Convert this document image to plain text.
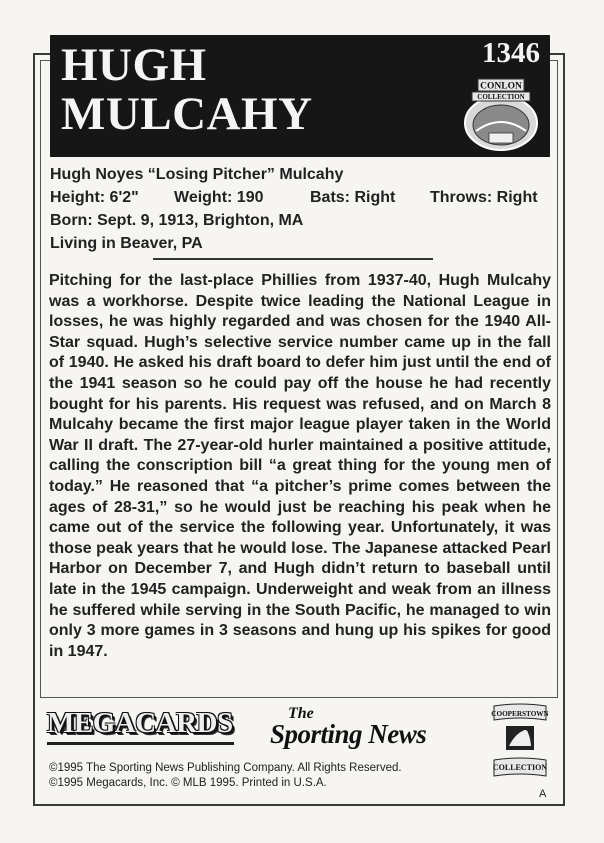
HUGH
MULCAHY
1346
CONLON
COLLECTION
Hugh Noyes “Losing Pitcher” Mulcahy
Height: 6'2" Weight: 190	Bats: Right Throws: Right
Born: Sept. 9, 1913, Brighton, MA
Living in Beaver, PA
Pitching for the last-place Phillies from 1937-40, Hugh Mulcahy was a workhorse. Despite twice leading the National League in losses, he was highly regarded and was chosen for the 1940 All-Star squad. Hugh’s selective service number came up in the fall of 1940. He asked his draft board to defer him just until the end of the 1941 season so he could pay off the house he had recently bought for his parents. His request was refused, and on March 8 Mulcahy became the first major league player taken in the World War II draft. The 27-year-old hurler maintained a positive attitude, calling the conscription bill “a great thing for the young men of today.” He reasoned that “a pitcher’s prime comes between the ages of 28-31,” so he would just be reaching his peak when he came out of the service the following year. Unfortunately, it was those peak years that he would lose. The Japanese attacked Pearl Harbor on December 7, and Hugh didn’t return to baseball until late in the 1945 campaign. Underweight and weak from an illness he suffered while serving in the South Pacific, he managed to win only 3 more games in 3 seasons and hung up his spikes for good in 1947.
MEGACARDS	The
Sporting News
COOPERSTOWN
COLLECTION
©1995 The Sporting News Publishing Company. All Rights Reserved.
©1995 Megacards, Inc. © MLB 1995. Printed in U.S.A.
A
